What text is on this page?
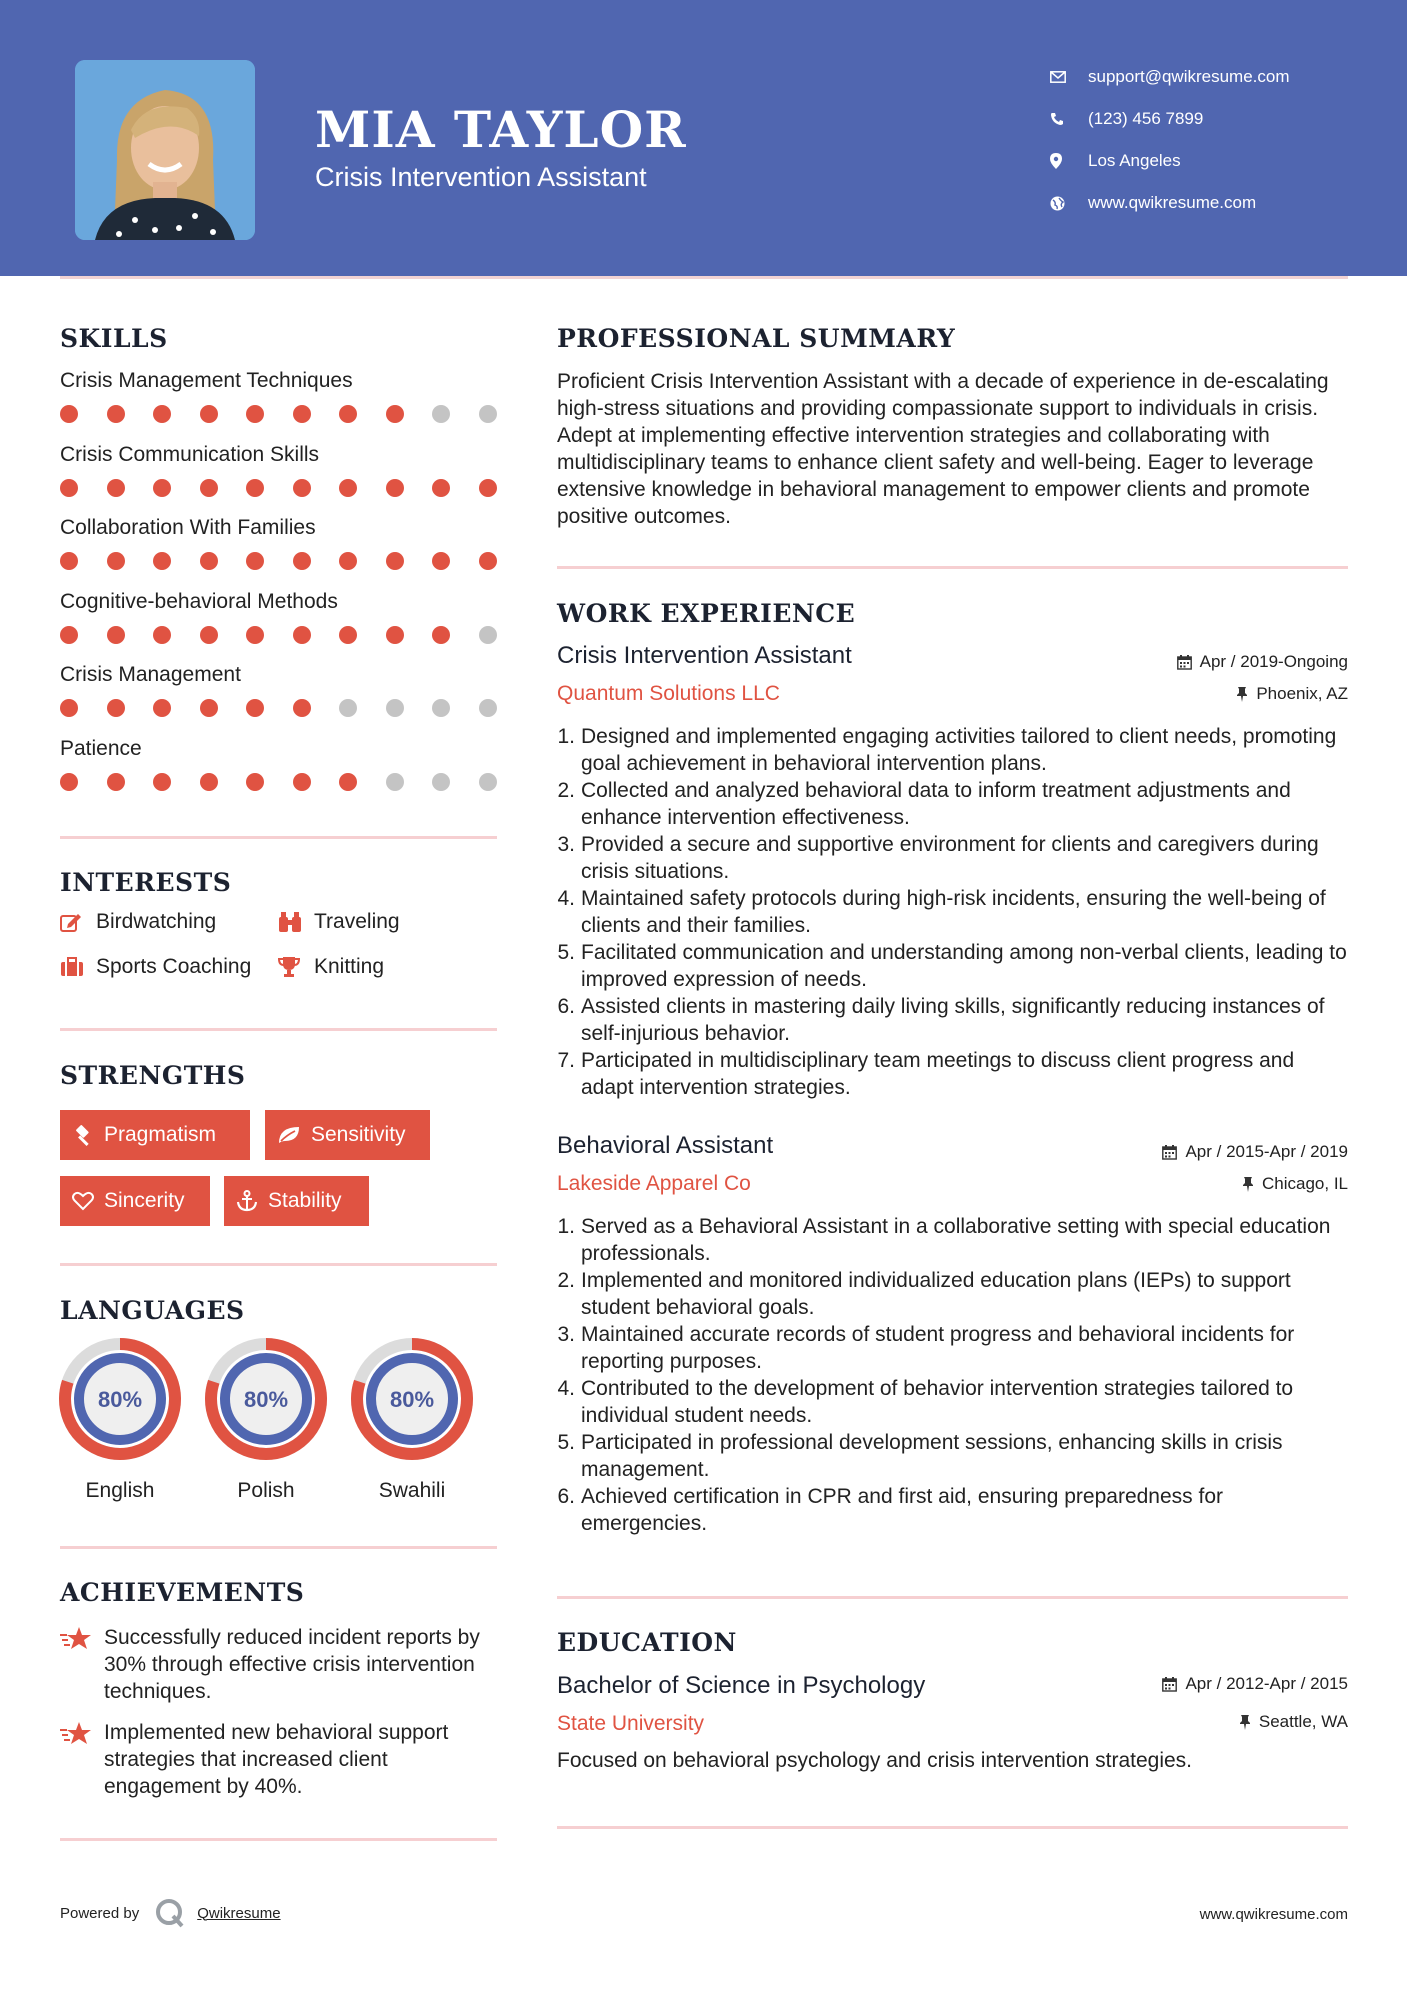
MIA TAYLOR
Crisis Intervention Assistant
support@qwikresume.com
(123) 456 7899
Los Angeles
www.qwikresume.com
SKILLS
Crisis Management Techniques
Crisis Communication Skills
Collaboration With Families
Cognitive-behavioral Methods
Crisis Management
Patience
INTERESTS
Birdwatching	Traveling
Sports Coaching	Knitting
STRENGTHS
Pragmatism	Sensitivity
Sincerity	Stability
LANGUAGES
80%
English
80%
Polish
80%
Swahili
ACHIEVEMENTS
Successfully reduced incident reports by 30% through effective crisis intervention techniques.
Implemented new behavioral support strategies that increased client engagement by 40%.
PROFESSIONAL SUMMARY
Proficient Crisis Intervention Assistant with a decade of experience in de-escalating high-stress situations and providing compassionate support to individuals in crisis. Adept at implementing effective intervention strategies and collaborating with multidisciplinary teams to enhance client safety and well-being. Eager to leverage extensive knowledge in behavioral management to empower clients and promote positive outcomes.
WORK EXPERIENCE
Crisis Intervention Assistant	Apr / 2019-Ongoing
Quantum Solutions LLC	Phoenix, AZ
1. Designed and implemented engaging activities tailored to client needs, promoting goal achievement in behavioral intervention plans.
2. Collected and analyzed behavioral data to inform treatment adjustments and enhance intervention effectiveness.
3. Provided a secure and supportive environment for clients and caregivers during crisis situations.
4. Maintained safety protocols during high-risk incidents, ensuring the well-being of clients and their families.
5. Facilitated communication and understanding among non-verbal clients, leading to improved expression of needs.
6. Assisted clients in mastering daily living skills, significantly reducing instances of self-injurious behavior.
7. Participated in multidisciplinary team meetings to discuss client progress and adapt intervention strategies.
Behavioral Assistant	Apr / 2015-Apr / 2019
Lakeside Apparel Co	Chicago, IL
1. Served as a Behavioral Assistant in a collaborative setting with special education professionals.
2. Implemented and monitored individualized education plans (IEPs) to support student behavioral goals.
3. Maintained accurate records of student progress and behavioral incidents for reporting purposes.
4. Contributed to the development of behavior intervention strategies tailored to individual student needs.
5. Participated in professional development sessions, enhancing skills in crisis management.
6. Achieved certification in CPR and first aid, ensuring preparedness for emergencies.
EDUCATION
Bachelor of Science in Psychology	Apr / 2012-Apr / 2015
State University	Seattle, WA
Focused on behavioral psychology and crisis intervention strategies.
Powered by	Qwikresume	www.qwikresume.com
